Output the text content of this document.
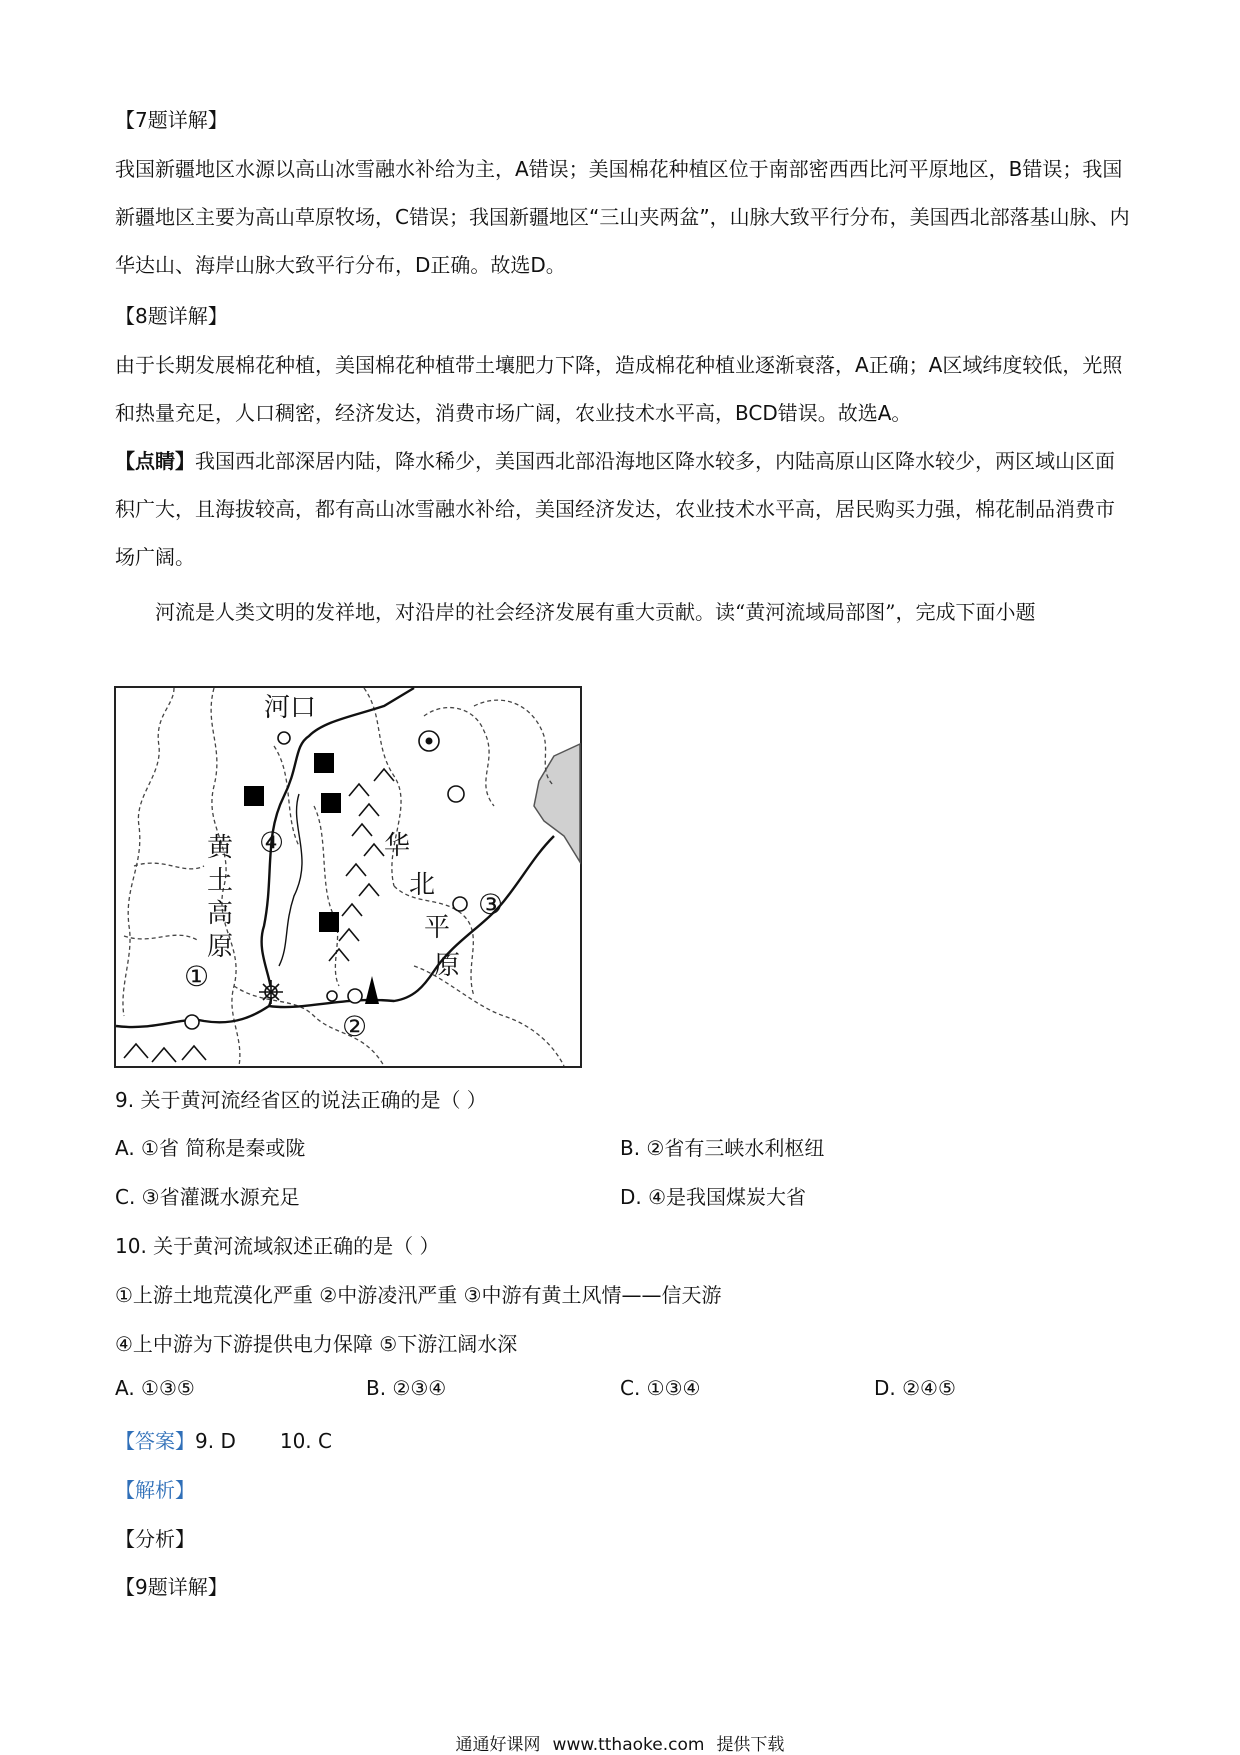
【7题详解】
我国新疆地区水源以高山冰雪融水补给为主，A错误；美国棉花种植区位于南部密西西比河平原地区，B错误；我国新疆地区主要为高山草原牧场，C错误；我国新疆地区“三山夹两盆”，山脉大致平行分布，美国西北部落基山脉、内华达山、海岸山脉大致平行分布，D正确。故选D。
【8题详解】
由于长期发展棉花种植，美国棉花种植带土壤肥力下降，造成棉花种植业逐渐衰落，A正确；A区域纬度较低，光照和热量充足，人口稠密，经济发达，消费市场广阔，农业技术水平高，BCD错误。故选A。
【点睛】我国西北部深居内陆，降水稀少，美国西北部沿海地区降水较多，内陆高原山区降水较少，两区域山区面积广大，且海拔较高，都有高山冰雪融水补给，美国经济发达，农业技术水平高，居民购买力强，棉花制品消费市场广阔。
河流是人类文明的发祥地，对沿岸的社会经济发展有重大贡献。读“黄河流域局部图”，完成下面小题
河口
黄
土
高
原
华
北
平
原
①
②
③
④
9. 关于黄河流经省区的说法正确的是（ ）
A. ①省 简称是秦或陇	B. ②省有三峡水利枢纽
C. ③省灌溉水源充足	D. ④是我国煤炭大省
10. 关于黄河流域叙述正确的是（ ）
①上游土地荒漠化严重 ②中游凌汛严重 ③中游有黄土风情——信天游
④上中游为下游提供电力保障 ⑤下游江阔水深
A. ①③⑤	B. ②③④	C. ①③④	D. ②④⑤
【答案】9. D 10. C
【解析】
【分析】
【9题详解】
通通好课网 www.tthaoke.com 提供下载
